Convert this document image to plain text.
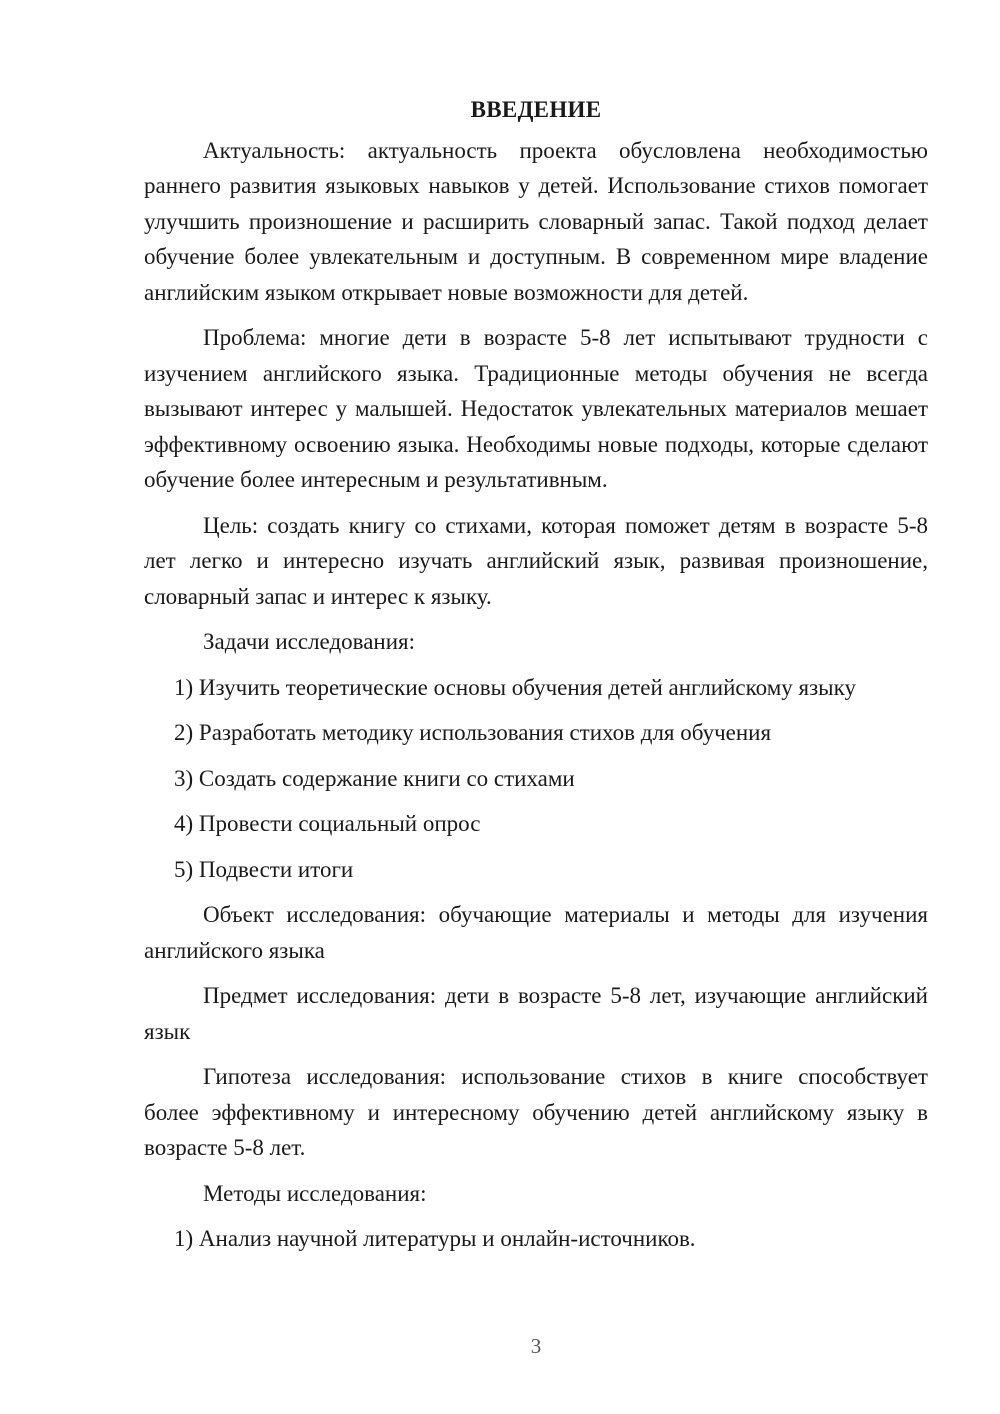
ВВЕДЕНИЕ
Актуальность: актуальность проекта обусловлена необходимостью раннего развития языковых навыков у детей. Использование стихов помогает улучшить произношение и расширить словарный запас. Такой подход делает обучение более увлекательным и доступным. В современном мире владение английским языком открывает новые возможности для детей.
Проблема: многие дети в возрасте 5-8 лет испытывают трудности с изучением английского языка. Традиционные методы обучения не всегда вызывают интерес у малышей. Недостаток увлекательных материалов мешает эффективному освоению языка. Необходимы новые подходы, которые сделают обучение более интересным и результативным.
Цель: создать книгу со стихами, которая поможет детям в возрасте 5-8 лет легко и интересно изучать английский язык, развивая произношение, словарный запас и интерес к языку.
Задачи исследования:
1) Изучить теоретические основы обучения детей английскому языку
2) Разработать методику использования стихов для обучения
3) Создать содержание книги со стихами
4) Провести социальный опрос
5) Подвести итоги
Объект исследования: обучающие материалы и методы для изучения английского языка
Предмет исследования: дети в возрасте 5-8 лет, изучающие английский язык
Гипотеза исследования: использование стихов в книге способствует более эффективному и интересному обучению детей английскому языку в возрасте 5-8 лет.
Методы исследования:
1) Анализ научной литературы и онлайн-источников.
3
